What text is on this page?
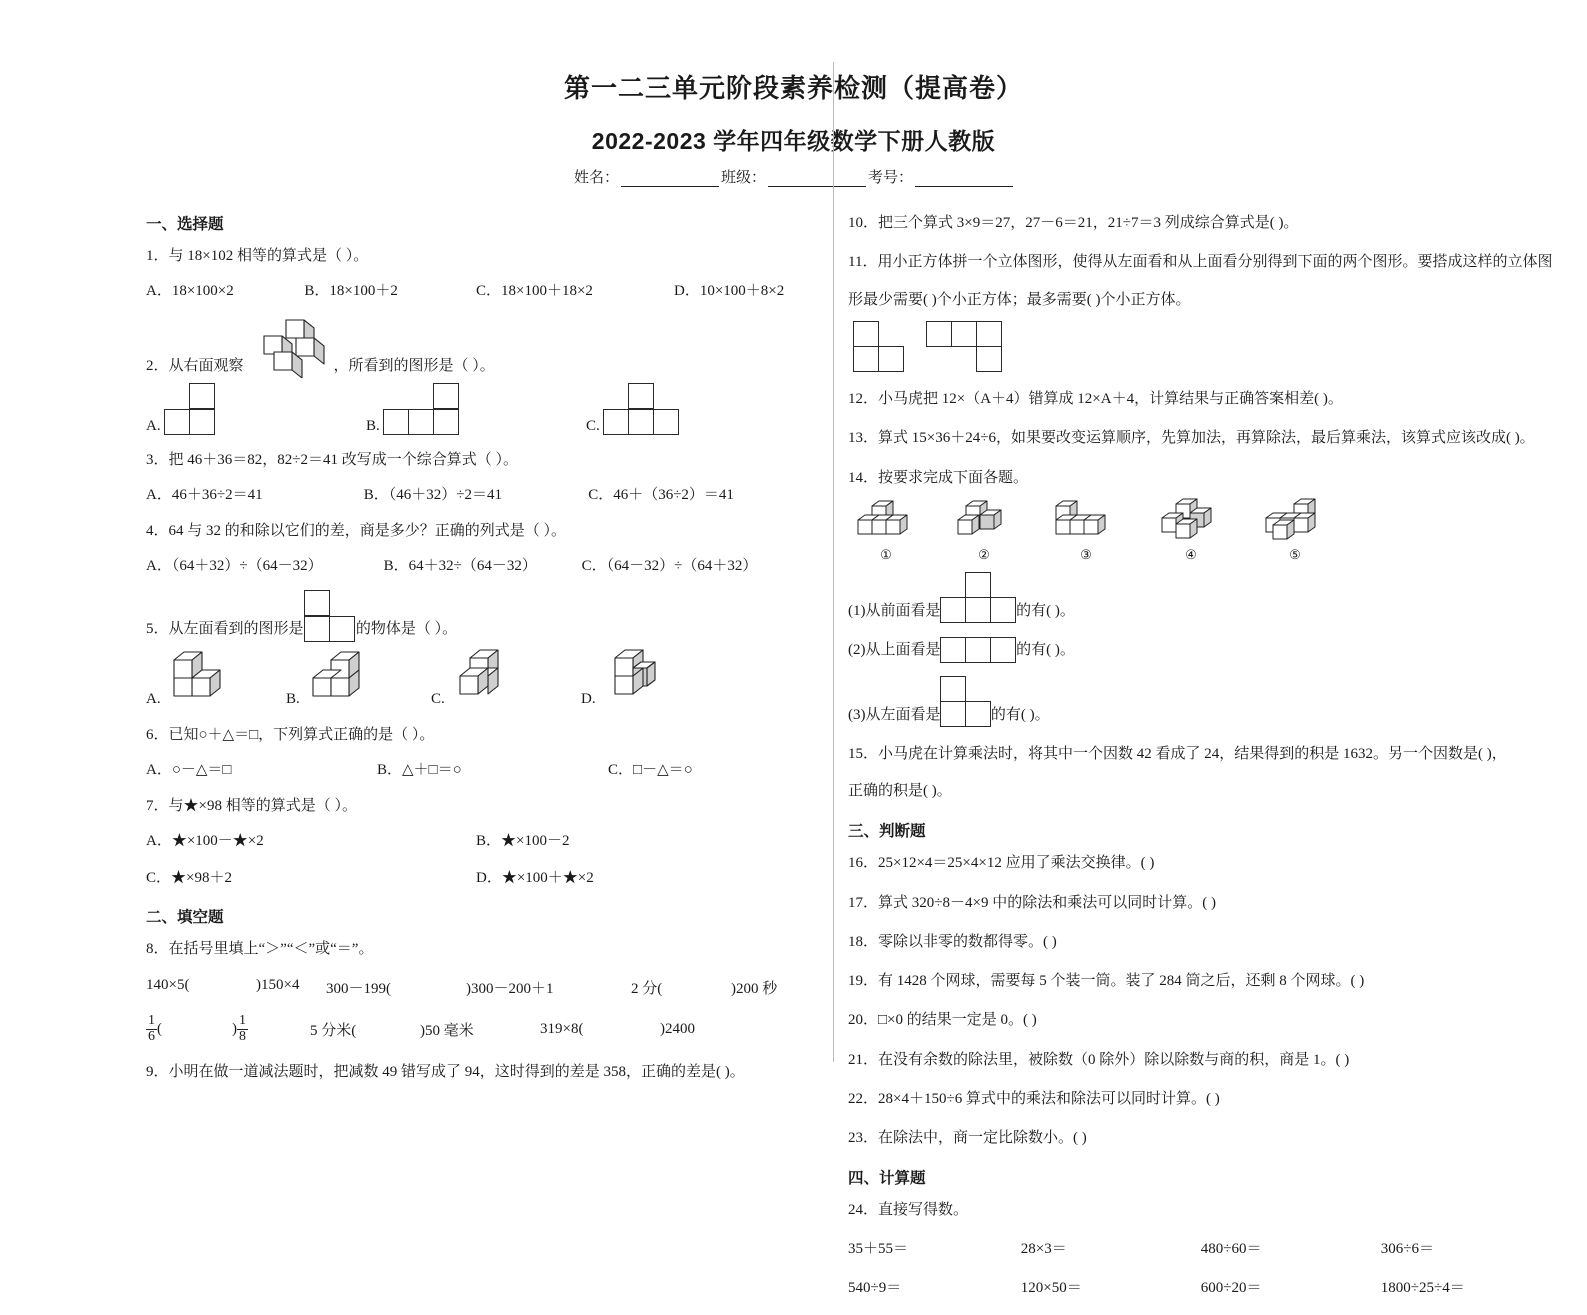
第一二三单元阶段素养检测（提高卷）
2022-2023 学年四年级数学下册人教版
姓名：	班级：	考号：
一、选择题
1．与 18×102 相等的算式是（ ）。
A．18×100×2	B．18×100＋2	C．18×100＋18×2	D．10×100＋8×2
2．从右面观察	，所看到的图形是（ ）。
A.	B.	C.
3．把 46＋36＝82，82÷2＝41 改写成一个综合算式（ ）。
A．46＋36÷2＝41	B．（46＋32）÷2＝41	C．46＋（36÷2）＝41
4．64 与 32 的和除以它们的差，商是多少？正确的列式是（ ）。
A．（64＋32）÷（64－32）	B．64＋32÷（64－32）	C．（64－32）÷（64＋32）
5．从左面看到的图形是	的物体是（ ）。
A.	B.	C.	D.
6．已知○＋△＝□，下列算式正确的是（ ）。
A．○－△＝□	B．△＋□＝○	C．□－△＝○
7．与★×98 相等的算式是（ ）。
A．★×100－★×2	B．★×100－2
C．★×98＋2	D．★×100＋★×2
二、填空题
8．在括号里填上“＞”“＜”或“＝”。
140×5(	)150×4	300－199(	)300－200＋1	2 分(	)200 秒
$\frac{1}{6}$ (	) $\frac{1}{8}$	5 分米(	)50 毫米	319×8(	)2400
9．小明在做一道减法题时，把减数 49 错写成了 94，这时得到的差是 358，正确的差是( )。
10．把三个算式 3×9＝27，27－6＝21，21÷7＝3 列成综合算式是( )。
11．用小正方体拼一个立体图形，使得从左面看和从上面看分别得到下面的两个图形。要搭成这样的立体图
形最少需要( )个小正方体；最多需要( )个小正方体。
12．小马虎把 12×（A＋4）错算成 12×A＋4，计算结果与正确答案相差( )。
13．算式 15×36＋24÷6，如果要改变运算顺序，先算加法，再算除法，最后算乘法，该算式应该改成( )。
14．按要求完成下面各题。
①	②	③	④	⑤
(1)从前面看是	的有( )。
(2)从上面看是	的有( )。
(3)从左面看是	的有( )。
15．小马虎在计算乘法时，将其中一个因数 42 看成了 24，结果得到的积是 1632。另一个因数是( )，
正确的积是( )。
三、判断题
16．25×12×4＝25×4×12 应用了乘法交换律。( )
17．算式 320÷8－4×9 中的除法和乘法可以同时计算。( )
18．零除以非零的数都得零。( )
19．有 1428 个网球，需要每 5 个装一筒。装了 284 筒之后，还剩 8 个网球。( )
20．□×0 的结果一定是 0。( )
21．在没有余数的除法里，被除数（0 除外）除以除数与商的积，商是 1。( )
22．28×4＋150÷6 算式中的乘法和除法可以同时计算。( )
23．在除法中，商一定比除数小。( )
四、计算题
24．直接写得数。
35＋55＝	28×3＝	480÷60＝	306÷6＝
540÷9＝	120×50＝	600÷20＝	1800÷25÷4＝
